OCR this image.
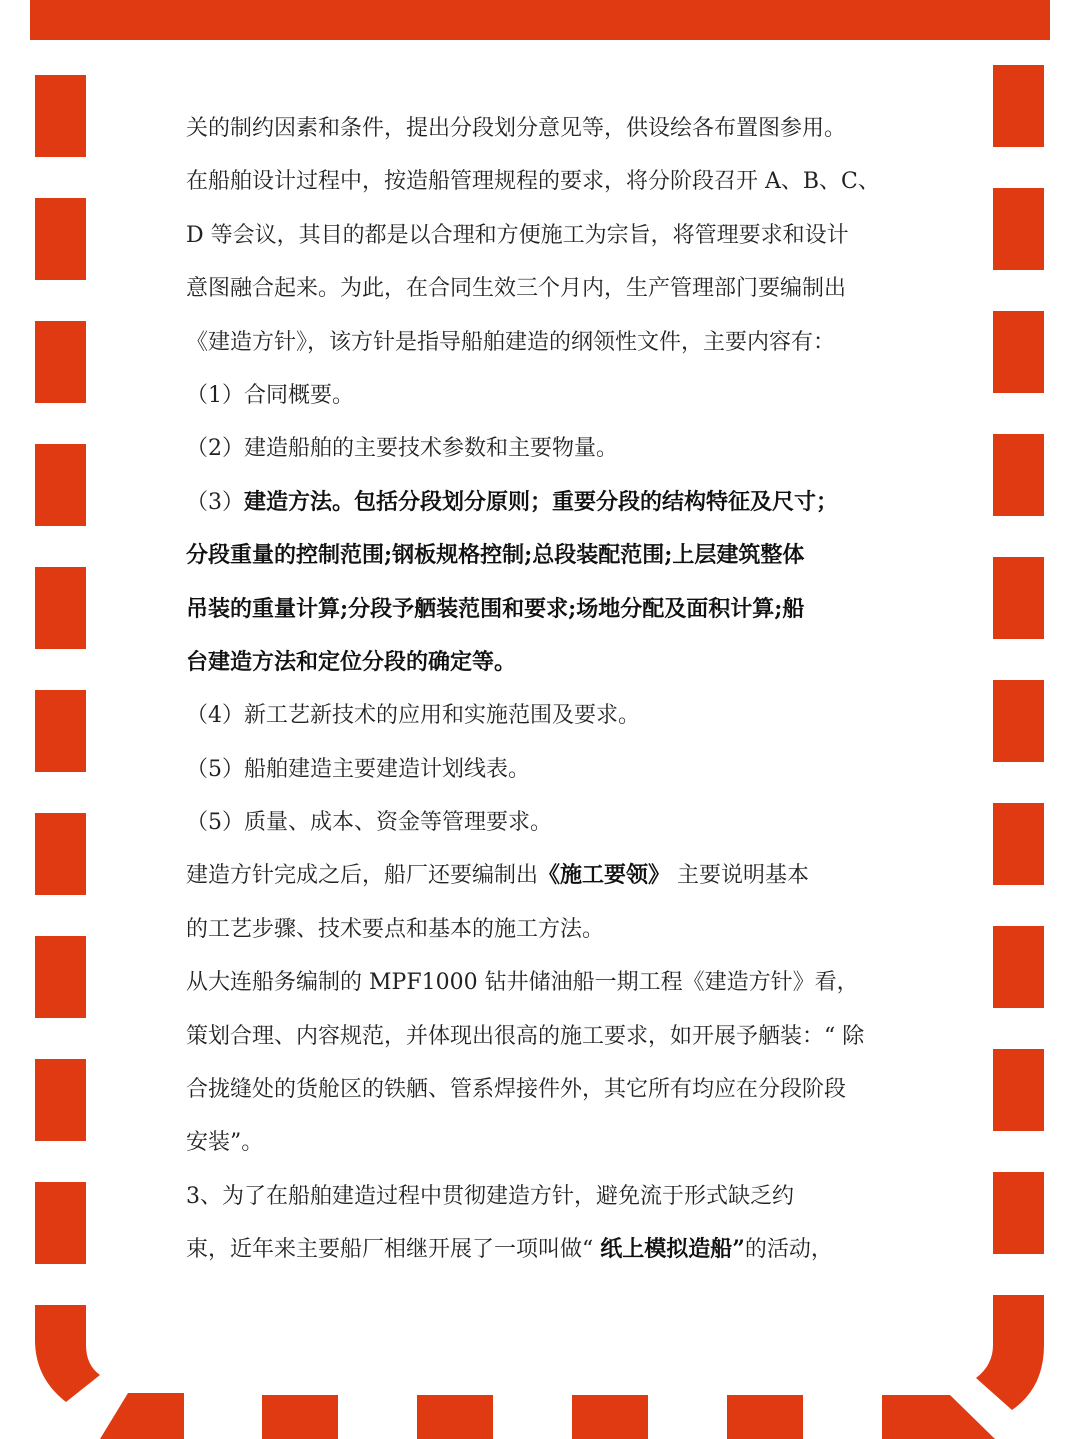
关的制约因素和条件，提出分段划分意见等，供设绘各布置图参用。
在船舶设计过程中，按造船管理规程的要求，将分阶段召开 A、B、C、
D 等会议，其目的都是以合理和方便施工为宗旨，将管理要求和设计
意图融合起来。为此，在合同生效三个月内，生产管理部门要编制出
《建造方针》，该方针是指导船舶建造的纲领性文件，主要内容有：
（1）合同概要。
（2）建造船舶的主要技术参数和主要物量。
（3）建造方法。包括分段划分原则；重要分段的结构特征及尺寸；
分段重量的控制范围;钢板规格控制;总段装配范围;上层建筑整体
吊装的重量计算;分段予舾装范围和要求;场地分配及面积计算;船
台建造方法和定位分段的确定等。
（4）新工艺新技术的应用和实施范围及要求。
（5）船舶建造主要建造计划线表。
（5）质量、成本、资金等管理要求。
建造方针完成之后，船厂还要编制出《施工要领》 主要说明基本
的工艺步骤、技术要点和基本的施工方法。
从大连船务编制的 MPF1000 钻井储油船一期工程《建造方针》看，
策划合理、内容规范，并体现出很高的施工要求，如开展予舾装：“ 除
合拢缝处的货舱区的铁舾、管系焊接件外，其它所有均应在分段阶段
安装”。
3、为了在船舶建造过程中贯彻建造方针，避免流于形式缺乏约
束，近年来主要船厂相继开展了一项叫做“ 纸上模拟造船”的活动，
